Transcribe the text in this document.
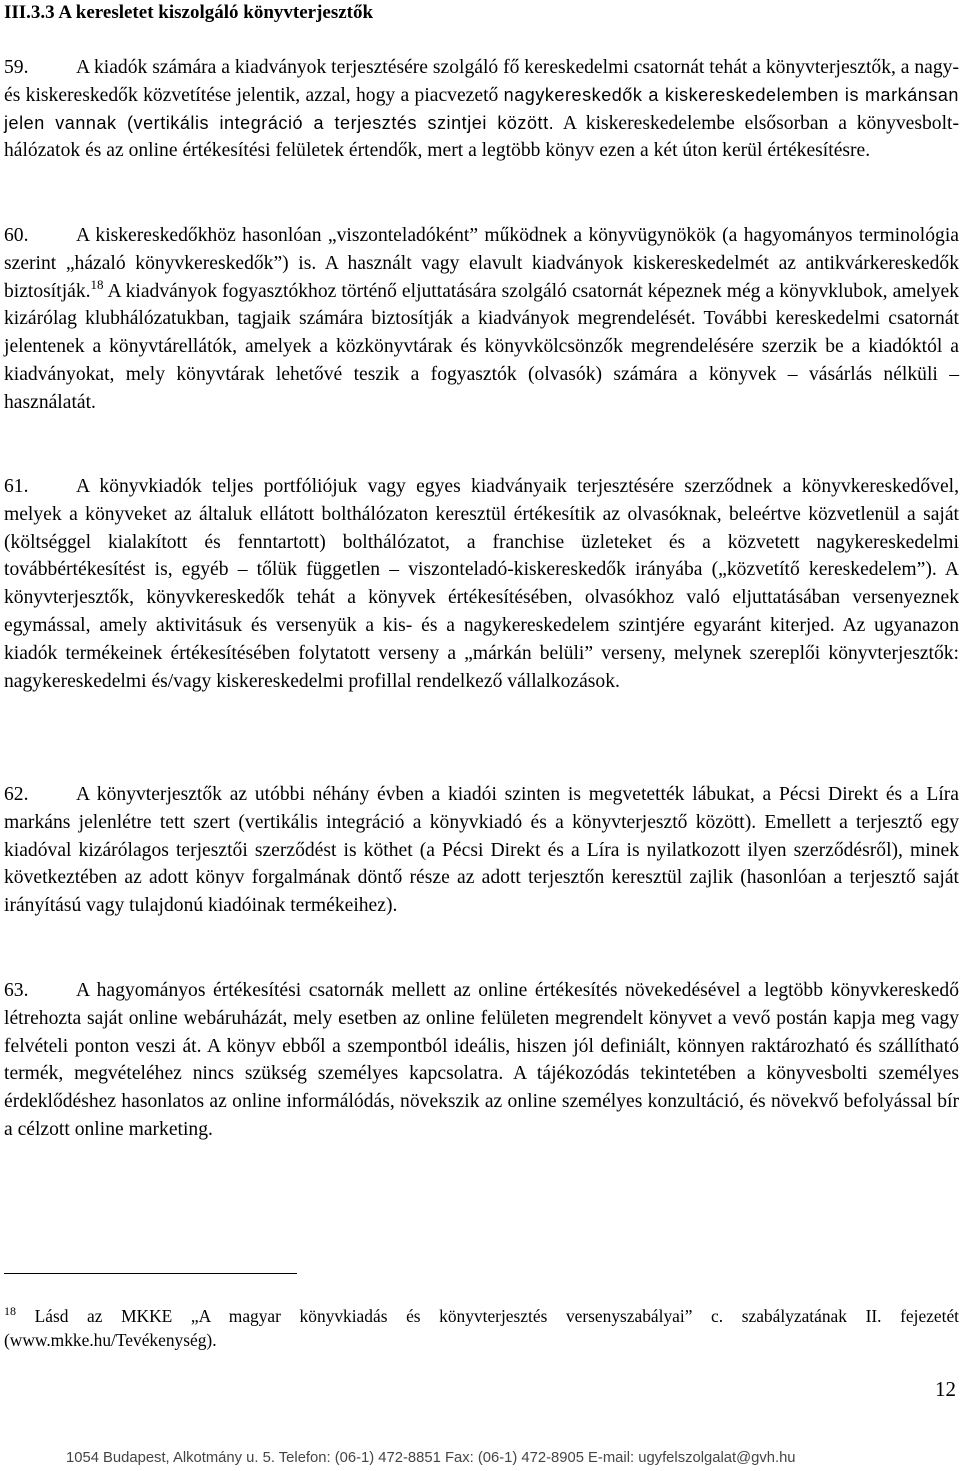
III.3.3 A keresletet kiszolgáló könyvterjesztők

59. A kiadók számára a kiadványok terjesztésére szolgáló fő kereskedelmi csatornát tehát a könyvterjesztők, a nagy- és kiskereskedők közvetítése jelentik, azzal, hogy a piacvezető nagykereskedők a kiskereskedelemben is markánsan jelen vannak (vertikális integráció a terjesztés szintjei között. A kiskereskedelembe elsősorban a könyvesbolt-hálózatok és az online értékesítési felületek értendők, mert a legtöbb könyv ezen a két úton kerül értékesítésre.

60. A kiskereskedőkhöz hasonlóan „viszonteladóként” működnek a könyvügynökök (a hagyományos terminológia szerint „házaló könyvkereskedők”) is. A használt vagy elavult kiadványok kiskereskedelmét az antikvárkereskedők biztosítják.$^{18}$ A kiadványok fogyasztókhoz történő eljuttatására szolgáló csatornát képeznek még a könyvklubok, amelyek kizárólag klubhálózatukban, tagjaik számára biztosítják a kiadványok megrendelését. További kereskedelmi csatornát jelentenek a könyvtárellátók, amelyek a közkönyvtárak és könyvkölcsönzők megrendelésére szerzik be a kiadóktól a kiadványokat, mely könyvtárak lehetővé teszik a fogyasztók (olvasók) számára a könyvek – vásárlás nélküli – használatát.

61. A könyvkiadók teljes portfóliójuk vagy egyes kiadványaik terjesztésére szerződnek a könyvkereskedővel, melyek a könyveket az általuk ellátott bolthálózaton keresztül értékesítik az olvasóknak, beleértve közvetlenül a saját (költséggel kialakított és fenntartott) bolthálózatot, a franchise üzleteket és a közvetett nagykereskedelmi továbbértékesítést is, egyéb – tőlük független – viszonteladó-kiskereskedők irányába („közvetítő kereskedelem”). A könyvterjesztők, könyvkereskedők tehát a könyvek értékesítésében, olvasókhoz való eljuttatásában versenyeznek egymással, amely aktivitásuk és versenyük a kis- és a nagykereskedelem szintjére egyaránt kiterjed. Az ugyanazon kiadók termékeinek értékesítésében folytatott verseny a „márkán belüli” verseny, melynek szereplői könyvterjesztők: nagykereskedelmi és/vagy kiskereskedelmi profillal rendelkező vállalkozások.

62. A könyvterjesztők az utóbbi néhány évben a kiadói szinten is megvetették lábukat, a Pécsi Direkt és a Líra markáns jelenlétre tett szert (vertikális integráció a könyvkiadó és a könyvterjesztő között). Emellett a terjesztő egy kiadóval kizárólagos terjesztői szerződést is köthet (a Pécsi Direkt és a Líra is nyilatkozott ilyen szerződésről), minek következtében az adott könyv forgalmának döntő része az adott terjesztőn keresztül zajlik (hasonlóan a terjesztő saját irányítású vagy tulajdonú kiadóinak termékeihez).

63. A hagyományos értékesítési csatornák mellett az online értékesítés növekedésével a legtöbb könyvkereskedő létrehozta saját online webáruházát, mely esetben az online felületen megrendelt könyvet a vevő postán kapja meg vagy felvételi ponton veszi át. A könyv ebből a szempontból ideális, hiszen jól definiált, könnyen raktározható és szállítható termék, megvételéhez nincs szükség személyes kapcsolatra. A tájékozódás tekintetében a könyvesbolti személyes érdeklődéshez hasonlatos az online informálódás, növekszik az online személyes konzultáció, és növekvő befolyással bír a célzott online marketing.

$^{18}$ Lásd az MKKE „A magyar könyvkiadás és könyvterjesztés versenyszabályai” c. szabályzatának II. fejezetét (www.mkke.hu/Tevékenység).

12
1054 Budapest, Alkotmány u. 5. Telefon: (06-1) 472-8851 Fax: (06-1) 472-8905 E-mail: ugyfelszolgalat@gvh.hu
